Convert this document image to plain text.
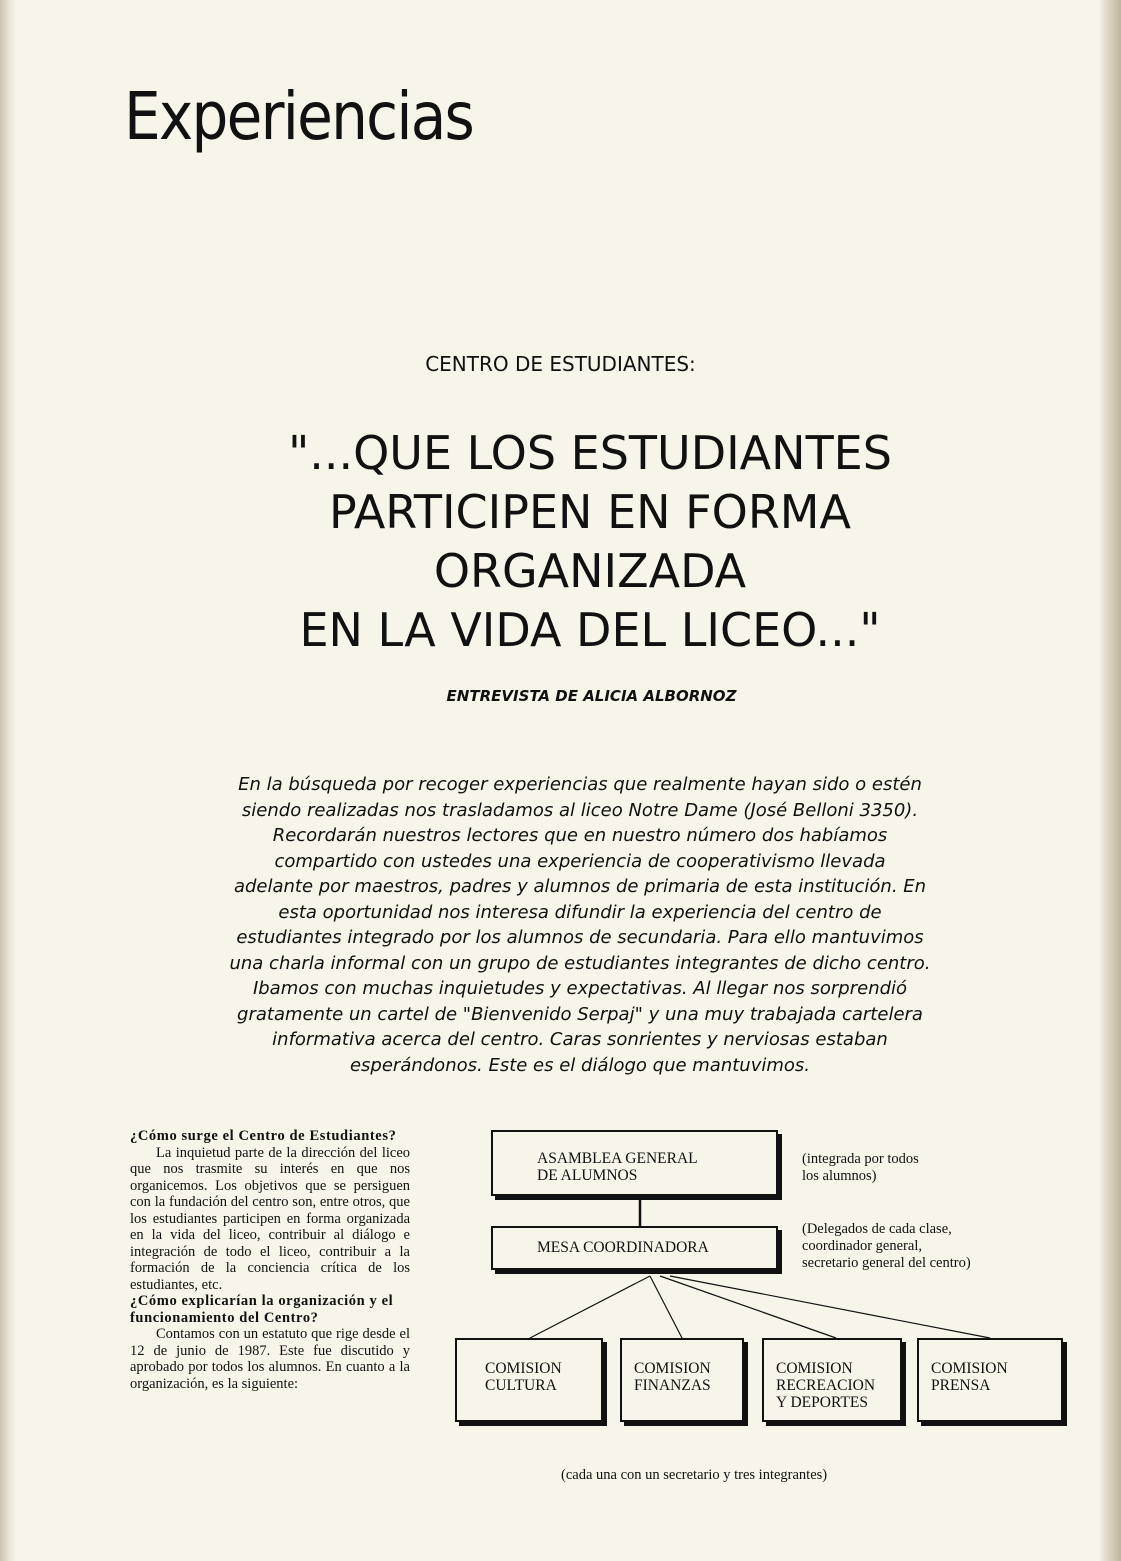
Experiencias
CENTRO DE ESTUDIANTES:
"...QUE LOS ESTUDIANTES
PARTICIPEN EN FORMA
ORGANIZADA
EN LA VIDA DEL LICEO..."
ENTREVISTA DE ALICIA ALBORNOZ
En la búsqueda por recoger experiencias que realmente hayan sido o estén
siendo realizadas nos trasladamos al liceo Notre Dame (José Belloni 3350).
Recordarán nuestros lectores que en nuestro número dos habíamos
compartido con ustedes una experiencia de cooperativismo llevada
adelante por maestros, padres y alumnos de primaria de esta institución. En
esta oportunidad nos interesa difundir la experiencia del centro de
estudiantes integrado por los alumnos de secundaria. Para ello mantuvimos
una charla informal con un grupo de estudiantes integrantes de dicho centro.
Ibamos con muchas inquietudes y expectativas. Al llegar nos sorprendió
gratamente un cartel de "Bienvenido Serpaj" y una muy trabajada cartelera
informativa acerca del centro. Caras sonrientes y nerviosas estaban
esperándonos. Este es el diálogo que mantuvimos.
¿Cómo surge el Centro de Estudiantes?
La inquietud parte de la dirección del liceo que nos trasmite su interés en que nos organicemos. Los objetivos que se persiguen con la fundación del centro son, entre otros, que los estudiantes participen en forma organizada en la vida del liceo, contribuir al diálogo e integración de todo el liceo, contribuir a la formación de la conciencia crítica de los estudiantes, etc.
¿Cómo explicarían la organización y el funcionamiento del Centro?
Contamos con un estatuto que rige desde el 12 de junio de 1987. Este fue discutido y aprobado por todos los alumnos. En cuanto a la organización, es la siguiente:
ASAMBLEA GENERAL
DE ALUMNOS
(integrada por todos
los alumnos)
MESA COORDINADORA
(Delegados de cada clase,
coordinador general,
secretario general del centro)
COMISION
CULTURA
COMISION
FINANZAS
COMISION
RECREACION
Y DEPORTES
COMISION
PRENSA
(cada una con un secretario y tres integrantes)
